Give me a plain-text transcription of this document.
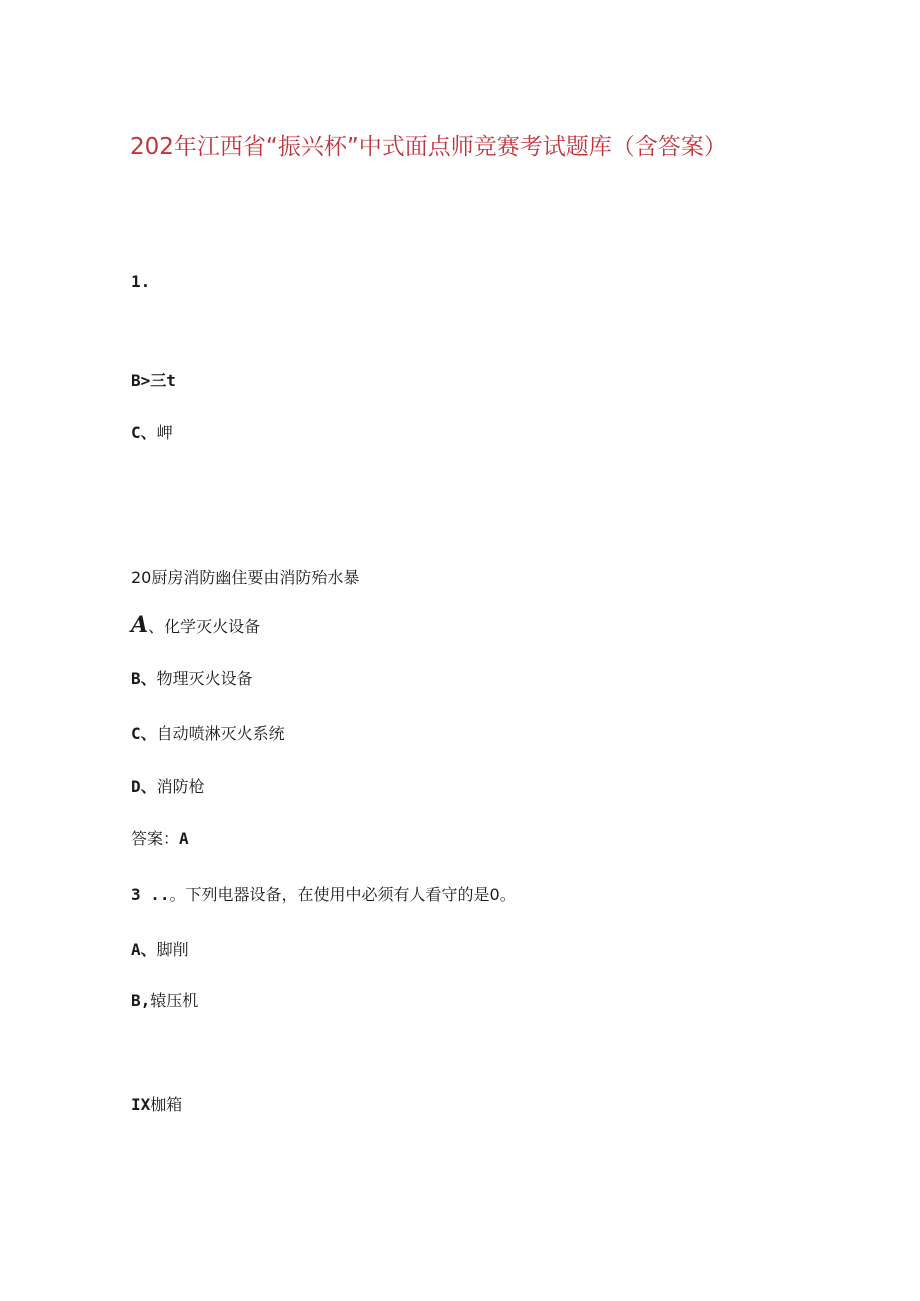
202年江西省“振兴杯”中式面点师竞赛考试题库（含答案）
1.
B>三t
C、岬
20厨房消防幽住要由消防殆水暴
A、化学灭火设备
B、物理灭火设备
C、自动喷淋灭火系统
D、消防枪
答案：A
3 ..。下列电器设备，在使用中必须有人看守的是0。
A、脚削
B,辕压机
IX枷箱
